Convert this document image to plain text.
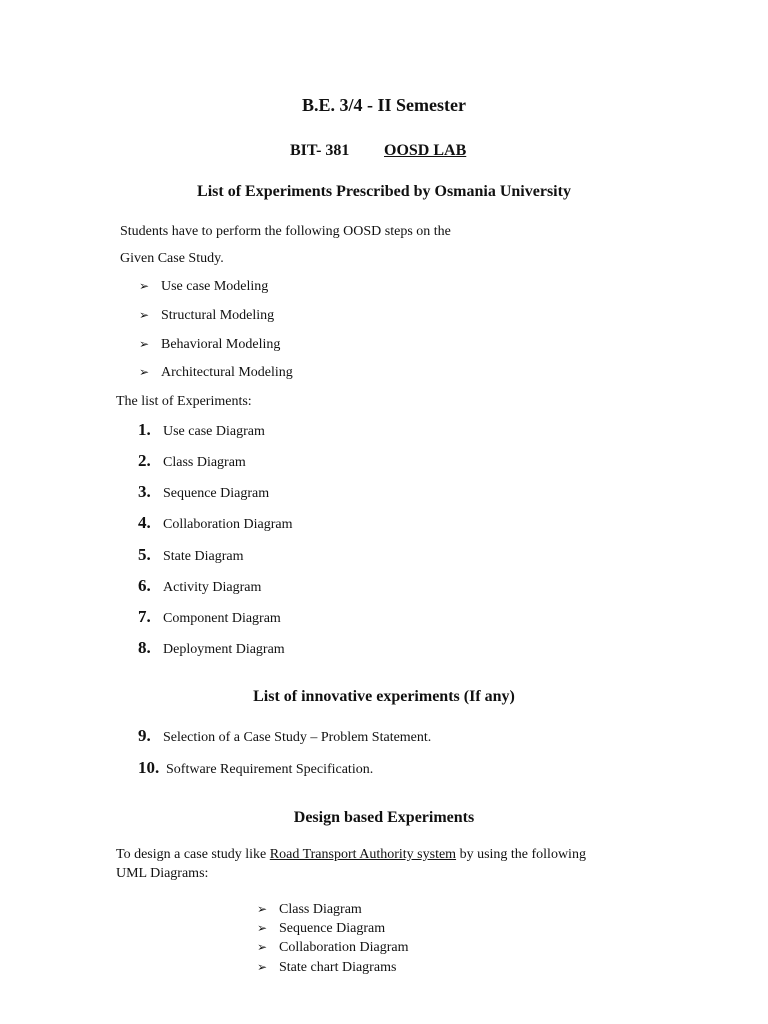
B.E. 3/4 - II Semester
BIT- 381 OOSD LAB
List of Experiments Prescribed by Osmania University
Students have to perform the following OOSD steps on the
Given Case Study.
➢ Use case Modeling
➢ Structural Modeling
➢ Behavioral Modeling
➢ Architectural Modeling
The list of Experiments:
1. Use case Diagram
2. Class Diagram
3. Sequence Diagram
4. Collaboration Diagram
5. State Diagram
6. Activity Diagram
7. Component Diagram
8. Deployment Diagram
List of innovative experiments (If any)
9. Selection of a Case Study – Problem Statement.
10. Software Requirement Specification.
Design based Experiments
To design a case study like Road Transport Authority system by using the following
UML Diagrams:
➢ Class Diagram
➢ Sequence Diagram
➢ Collaboration Diagram
➢ State chart Diagrams
